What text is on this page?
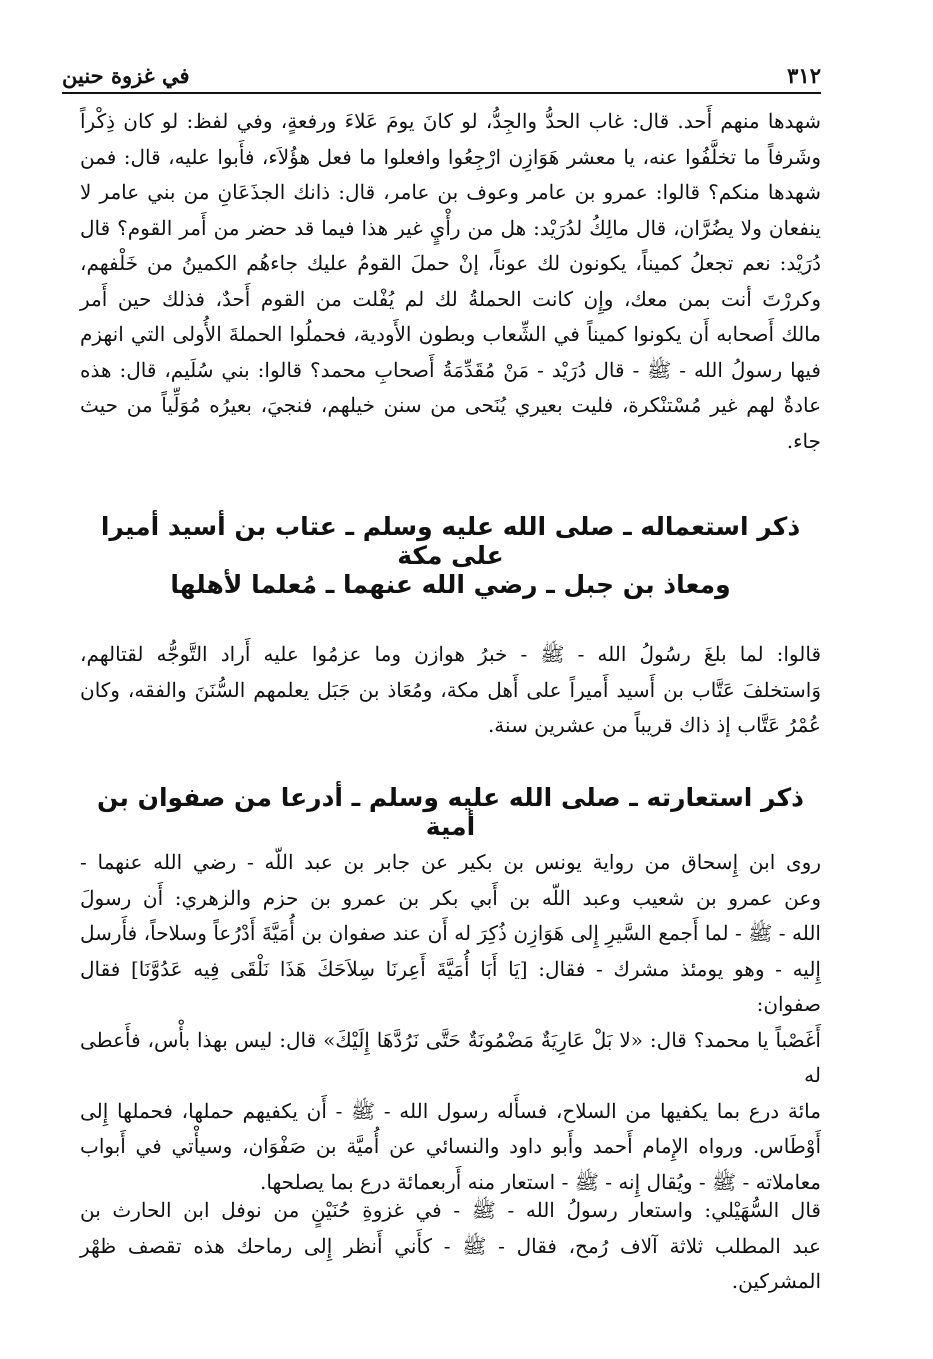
٣١٢
في غزوة حنين

شهدها منهم أَحد. قال: غاب الحدُّ والجِدُّ، لو كانَ يومَ عَلاءَ ورفعةٍ، وفي لفظ: لو كان ذِكْراً
وشَرفاً ما تخلَّفُوا عنه، يا معشر هَوَازِن ارْجِعُوا وافعلوا ما فعل هؤُلاَء، فأَبوا عليه، قال: فمن
شهدها منكم؟ قالوا: عمرو بن عامر وعوف بن عامر، قال: ذانك الجذَعَانِ من بني عامر لا
ينفعان ولا يضُرَّان، قال مالِكُ لدُرَيْد: هل من رأْيٍ غير هذا فيما قد حضر من أَمر القوم؟ قال
دُرَيْد: نعم تجعلُ كميناً، يكونون لك عوناً، إنْ حملَ القومُ عليك جاءهُم الكمينُ من خَلْفهم،
وكررْتَ أنت بمن معك، وإِن كانت الحملةُ لك لم يُفْلت من القوم أَحدٌ، فذلك حين أَمر
مالك أَصحابه أَن يكونوا كميناً في الشِّعاب وبطون الأَودية، فحملُوا الحملةَ الأُولى التي انهزم
فيها رسولُ الله - ﷺ - قال دُرَيْد - مَنْ مُقَدِّمَةُ أَصحابِ محمد؟ قالوا: بني سُلَيم، قال: هذه
عادةٌ لهم غير مُسْتنْكرة، فليت بعيري يُنَحى من سنن خيلهم، فنجيَ، بعيرُه مُوَلِّياً من حيث جاء.

ذكر استعماله ـ صلى الله عليه وسلم ـ عتاب بن أسيد أميرا على مكة
ومعاذ بن جبل ـ رضي الله عنهما ـ مُعلما لأهلها

قالوا: لما بلغَ رسُولُ الله - ﷺ - خبرُ هوازن وما عزمُوا عليه أَراد التَّوجُّه لقتالهم،
وَاستخلفَ عَتَّاب بن أَسيد أَميراً على أَهل مكة، ومُعَاذ بن جَبَل يعلمهم السُّنَنَ والفقه، وكان
عُمْرُ عَتَّاب إذ ذاك قريباً من عشرين سنة.

ذكر استعارته ـ صلى الله عليه وسلم ـ أدرعا من صفوان بن أمية

روى ابن إِسحاق من رواية يونس بن بكير عن جابر بن عبد اللّه - رضي الله عنهما -
وعن عمرو بن شعيب وعبد اللّه بن أَبي بكر بن عمرو بن حزم والزهري: أَن رسولَ
الله - ﷺ - لما أَجمع السَّيرِ إِلى هَوَازِن ذُكِرَ له أَن عند صفوان بن أُمَيَّةَ أَدْرُعاً وسلاحاً، فأَرسل
إِليه - وهو يومئذ مشرك - فقال: [يَا أَبَا أُمَيَّةَ أَعِرنَا سِلاَحَكَ هَذَا نَلْقَى فِيه عَدُوَّنَا] فقال صفوان:
أَغَصْباً يا محمد؟ قال: «لا بَلْ عَارِيَةٌ مَضْمُونَةٌ حَتَّى نَرُدَّهَا إِلَيْكَ» قال: ليس بهذا بأْس، فأَعطى له
مائة درع بما يكفيها من السلاح، فسأَله رسول الله - ﷺ - أَن يكفيهم حملها، فحملها إِلى
أَوْطَاس. ورواه الإِمام أَحمد وأَبو داود والنسائي عن أُميَّة بن صَفْوَان، وسيأْتي في أَبواب
معاملاته - ﷺ - ويُقال إِنه - ﷺ - استعار منه أَربعمائة درع بما يصلحها.

قال السُّهَيْلي: واستعار رسولُ الله - ﷺ - في غزوةِ حُنَيْنٍ من نوفل ابن الحارث بن
عبد المطلب ثلاثة آلاف رُمح، فقال - ﷺ - كأَني أَنظر إِلى رماحك هذه تقصف ظهْر
المشركين.
